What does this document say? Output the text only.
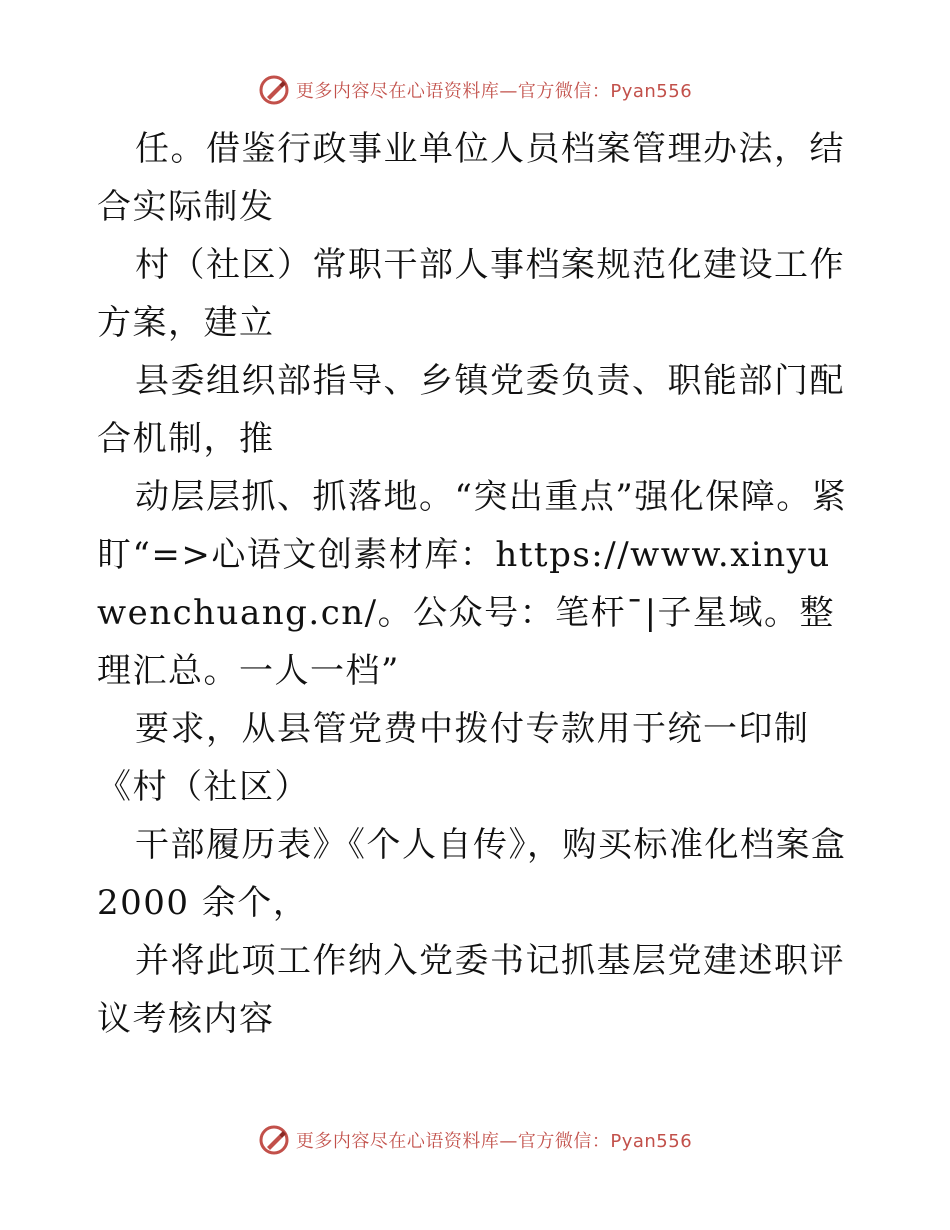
更多内容尽在心语资料库—官方微信：Pyan556

任。借鉴行政事业单位人员档案管理办法，结合实际制发

村（社区）常职干部人事档案规范化建设工作方案，建立

县委组织部指导、乡镇党委负责、职能部门配合机制，推

动层层抓、抓落地。“突出重点”强化保障。紧盯“=>心语文创素材库：https://www.xinyuwenchuang.cn/。公众号：笔杆¯|子星域。整理汇总。一人一档”

要求，从县管党费中拨付专款用于统一印制《村（社区）

干部履历表》《个人自传》，购买标准化档案盒2000 余个，

并将此项工作纳入党委书记抓基层党建述职评议考核内容

更多内容尽在心语资料库—官方微信：Pyan556
